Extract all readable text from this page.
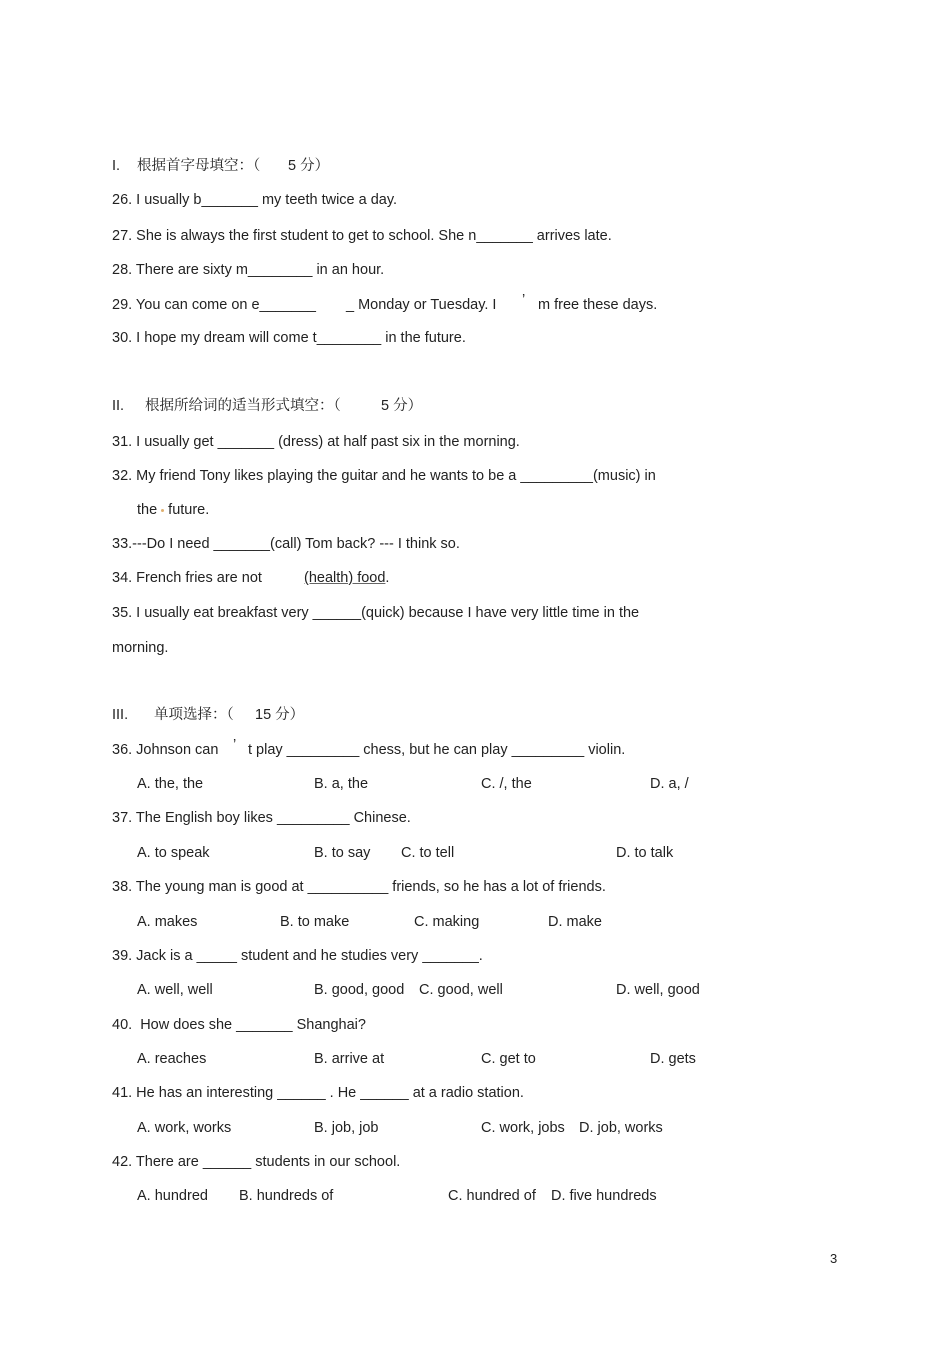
I. 根据首字母填空：（ 5 分）
26. I usually b_______ my teeth twice a day.
27. She is always the first student to get to school. She n_______ arrives late.
28. There are sixty m________ in an hour.
29. You can come on e_______ _ Monday or Tuesday. I ’ m free these days.
30. I hope my dream will come t________ in the future.
II. 根据所给词的适当形式填空：（	5 分）
31. I usually get _______ (dress) at half past six in the morning.
32. My friend Tony likes playing the guitar and he wants to be a _________(music) in
the future.
33.---Do I need _______(call) Tom back? --- I think so.
34. French fries are not	(health) food.
35. I usually eat breakfast very ______(quick) because I have very little time in the
morning.
III. 单项选择：（ 15 分）
36. Johnson can ’ t play _________ chess, but he can play _________ violin.
A. the, the	B. a, the	C. /, the	D. a, /
37. The English boy likes _________ Chinese.
A. to speak	B. to say C. to tell	D. to talk
38. The young man is good at __________ friends, so he has a lot of friends.
A. makes	B. to make	C. making	D. make
39. Jack is a _____ student and he studies very _______.
A. well, well	B. good, good C. good, well	D. well, good
40.  How does she _______ Shanghai?
A. reaches	B. arrive at	C. get to	D. gets
41. He has an interesting ______ . He ______ at a radio station.
A. work, works	B. job, job	C. work, jobs D. job, works
42. There are ______ students in our school.
A. hundred B. hundreds of	C. hundred of D. five hundreds
3
